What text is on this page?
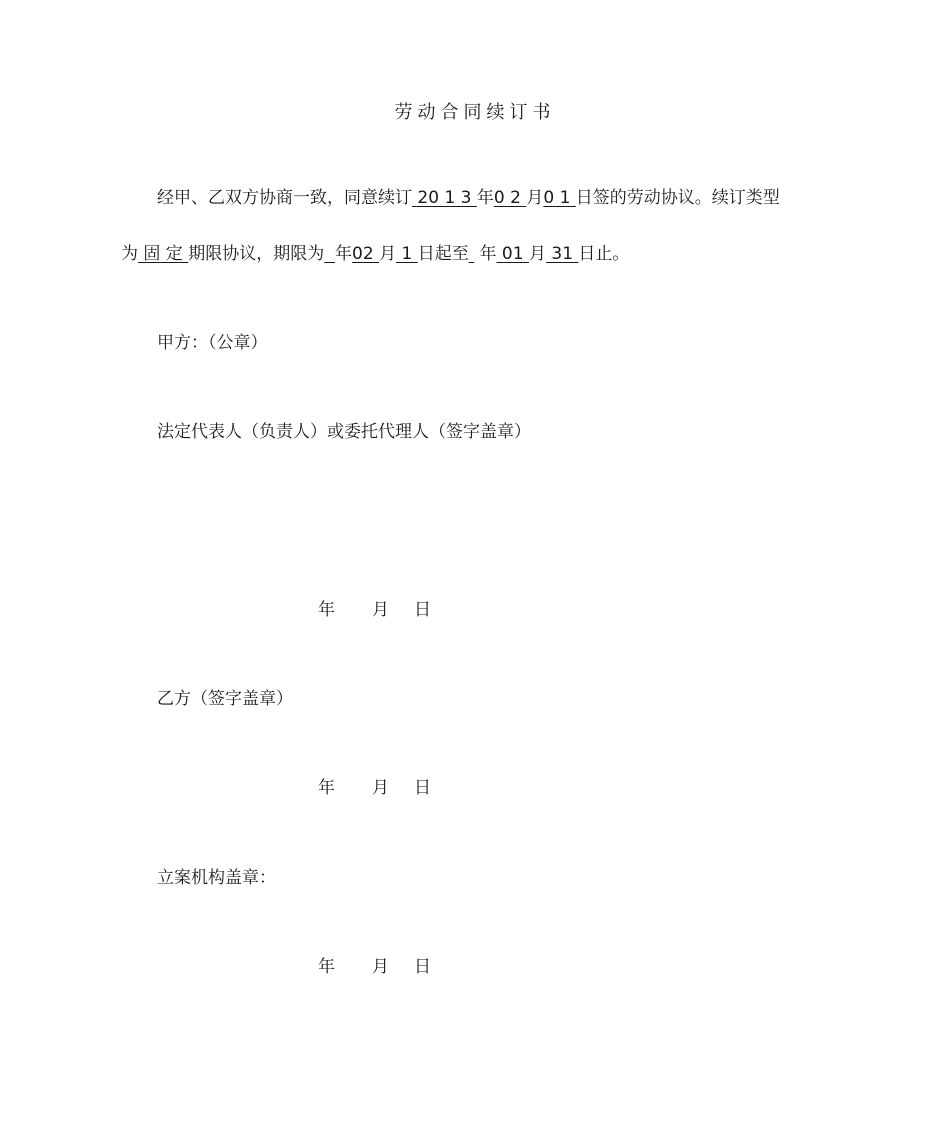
劳动合同续订书
经甲、乙双方协商一致，同意续订 20 1 3 年0 2 月0 1 日签的劳动协议。续订类型
为 固 定 期限协议，期限为 年02 月 1 日起至  年 01 月 31 日止。
甲方：（公章）
法定代表人（负责人）或委托代理人（签字盖章）
年 月 日
乙方（签字盖章）
年 月 日
立案机构盖章：
年 月 日
